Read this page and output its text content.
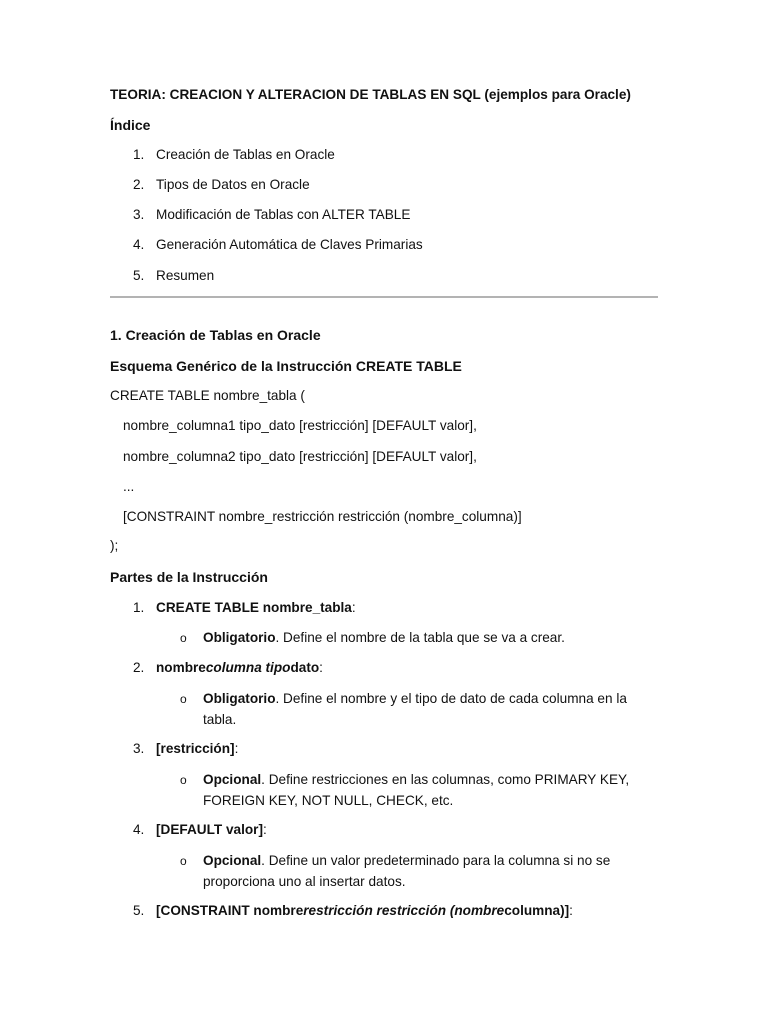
TEORIA: CREACION Y ALTERACION DE TABLAS EN SQL (ejemplos para Oracle)
Índice
1. Creación de Tablas en Oracle
2. Tipos de Datos en Oracle
3. Modificación de Tablas con ALTER TABLE
4. Generación Automática de Claves Primarias
5. Resumen
1. Creación de Tablas en Oracle
Esquema Genérico de la Instrucción CREATE TABLE
CREATE TABLE nombre_tabla (
nombre_columna1 tipo_dato [restricción] [DEFAULT valor],
nombre_columna2 tipo_dato [restricción] [DEFAULT valor],
...
[CONSTRAINT nombre_restricción restricción (nombre_columna)]
);
Partes de la Instrucción
1. CREATE TABLE nombre_tabla:
o Obligatorio. Define el nombre de la tabla que se va a crear.
2. nombrecolumna tipodato:
o Obligatorio. Define el nombre y el tipo de dato de cada columna en la tabla.
3. [restricción]:
o Opcional. Define restricciones en las columnas, como PRIMARY KEY, FOREIGN KEY, NOT NULL, CHECK, etc.
4. [DEFAULT valor]:
o Opcional. Define un valor predeterminado para la columna si no se proporciona uno al insertar datos.
5. [CONSTRAINT nombrerestricción restricción (nombrecolumna)]:
